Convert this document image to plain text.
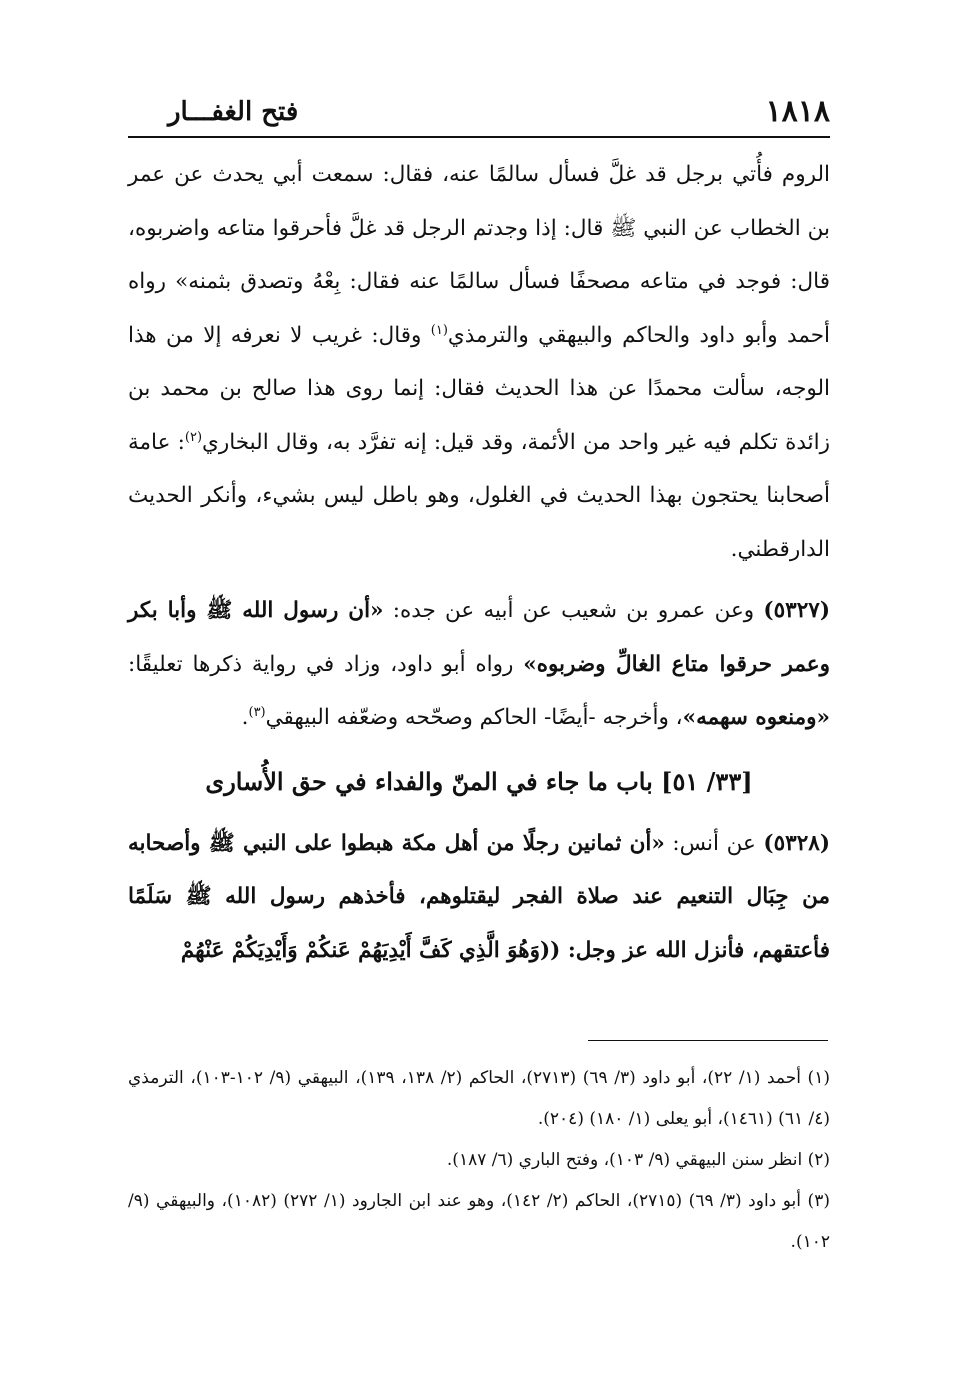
١٨١٨
فتح الغفـــار

الروم فأُتي برجل قد غلَّ فسأل سالمًا عنه، فقال: سمعت أبي يحدث عن عمر بن الخطاب عن النبي ﷺ قال: إذا وجدتم الرجل قد غلَّ فأحرقوا متاعه واضربوه، قال: فوجد في متاعه مصحفًا فسأل سالمًا عنه فقال: بِعْهُ وتصدق بثمنه» رواه أحمد وأبو داود والحاكم والبيهقي والترمذي$^{(١)}$ وقال: غريب لا نعرفه إلا من هذا الوجه، سألت محمدًا عن هذا الحديث فقال: إنما روى هذا صالح بن محمد بن زائدة تكلم فيه غير واحد من الأئمة، وقد قيل: إنه تفرَّد به، وقال البخاري$^{(٢)}$: عامة أصحابنا يحتجون بهذا الحديث في الغلول، وهو باطل ليس بشيء، وأنكر الحديث الدارقطني.

(٥٣٢٧) وعن عمرو بن شعيب عن أبيه عن جده: «أن رسول الله ﷺ وأبا بكر وعمر حرقوا متاع الغالِّ وضربوه» رواه أبو داود، وزاد في رواية ذكرها تعليقًا: «ومنعوه سهمه»، وأخرجه -أيضًا- الحاكم وصحّحه وضعّفه البيهقي$^{(٣)}$.

[٣٣/ ٥١] باب ما جاء في المنّ والفداء في حق الأُسارى

(٥٣٢٨) عن أنس: «أن ثمانين رجلًا من أهل مكة هبطوا على النبي ﷺ وأصحابه من جِبَال التنعيم عند صلاة الفجر ليقتلوهم، فأخذهم رسول الله ﷺ سَلَمًا فأعتقهم، فأنزل الله عز وجل: ((وَهُوَ الَّذِي كَفَّ أَيْدِيَهُمْ عَنكُمْ وَأَيْدِيَكُمْ عَنْهُمْ

(١) أحمد (١/ ٢٢)، أبو داود (٣/ ٦٩) (٢٧١٣)، الحاكم (٢/ ١٣٨، ١٣٩)، البيهقي (٩/ ١٠٢-١٠٣)، الترمذي (٤/ ٦١) (١٤٦١)، أبو يعلى (١/ ١٨٠) (٢٠٤).

(٢) انظر سنن البيهقي (٩/ ١٠٣)، وفتح الباري (٦/ ١٨٧).

(٣) أبو داود (٣/ ٦٩) (٢٧١٥)، الحاكم (٢/ ١٤٢)، وهو عند ابن الجارود (١/ ٢٧٢) (١٠٨٢)، والبيهقي (٩/ ١٠٢).
